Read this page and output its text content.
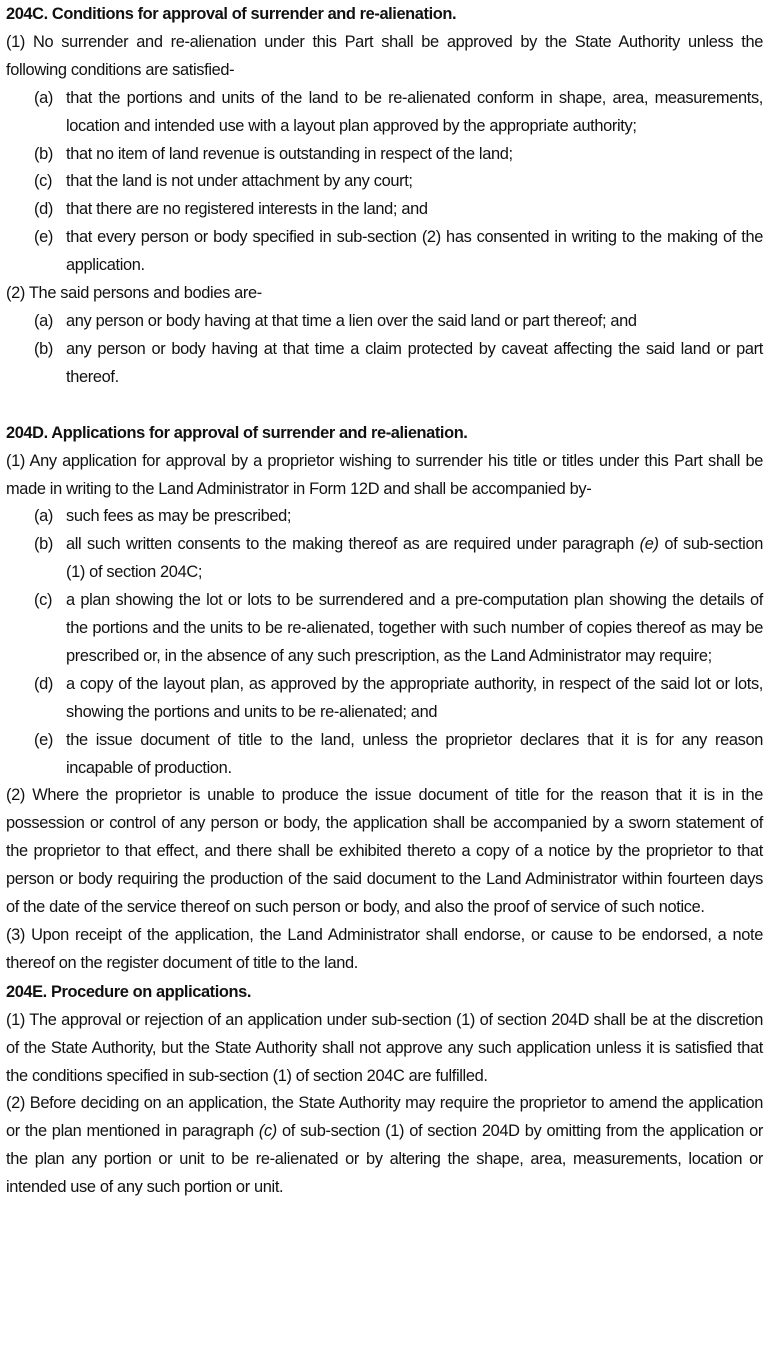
204C. Conditions for approval of surrender and re-alienation.

(1) No surrender and re-alienation under this Part shall be approved by the State Authority unless the following conditions are satisfied-

(a) that the portions and units of the land to be re-alienated conform in shape, area, measurements, location and intended use with a layout plan approved by the appropriate authority;
(b) that no item of land revenue is outstanding in respect of the land;
(c) that the land is not under attachment by any court;
(d) that there are no registered interests in the land; and
(e) that every person or body specified in sub-section (2) has consented in writing to the making of the application.

(2) The said persons and bodies are-

(a) any person or body having at that time a lien over the said land or part thereof; and
(b) any person or body having at that time a claim protected by caveat affecting the said land or part thereof.

204D. Applications for approval of surrender and re-alienation.

(1) Any application for approval by a proprietor wishing to surrender his title or titles under this Part shall be made in writing to the Land Administrator in Form 12D and shall be accompanied by-

(a) such fees as may be prescribed;
(b) all such written consents to the making thereof as are required under paragraph (e) of sub-section (1) of section 204C;
(c) a plan showing the lot or lots to be surrendered and a pre-computation plan showing the details of the portions and the units to be re-alienated, together with such number of copies thereof as may be prescribed or, in the absence of any such prescription, as the Land Administrator may require;
(d) a copy of the layout plan, as approved by the appropriate authority, in respect of the said lot or lots, showing the portions and units to be re-alienated; and
(e) the issue document of title to the land, unless the proprietor declares that it is for any reason incapable of production.

(2) Where the proprietor is unable to produce the issue document of title for the reason that it is in the possession or control of any person or body, the application shall be accompanied by a sworn statement of the proprietor to that effect, and there shall be exhibited thereto a copy of a notice by the proprietor to that person or body requiring the production of the said document to the Land Administrator within fourteen days of the date of the service thereof on such person or body, and also the proof of service of such notice.

(3) Upon receipt of the application, the Land Administrator shall endorse, or cause to be endorsed, a note thereof on the register document of title to the land.

204E. Procedure on applications.

(1) The approval or rejection of an application under sub-section (1) of section 204D shall be at the discretion of the State Authority, but the State Authority shall not approve any such application unless it is satisfied that the conditions specified in sub-section (1) of section 204C are fulfilled.

(2) Before deciding on an application, the State Authority may require the proprietor to amend the application or the plan mentioned in paragraph (c) of sub-section (1) of section 204D by omitting from the application or the plan any portion or unit to be re-alienated or by altering the shape, area, measurements, location or intended use of any such portion or unit.
